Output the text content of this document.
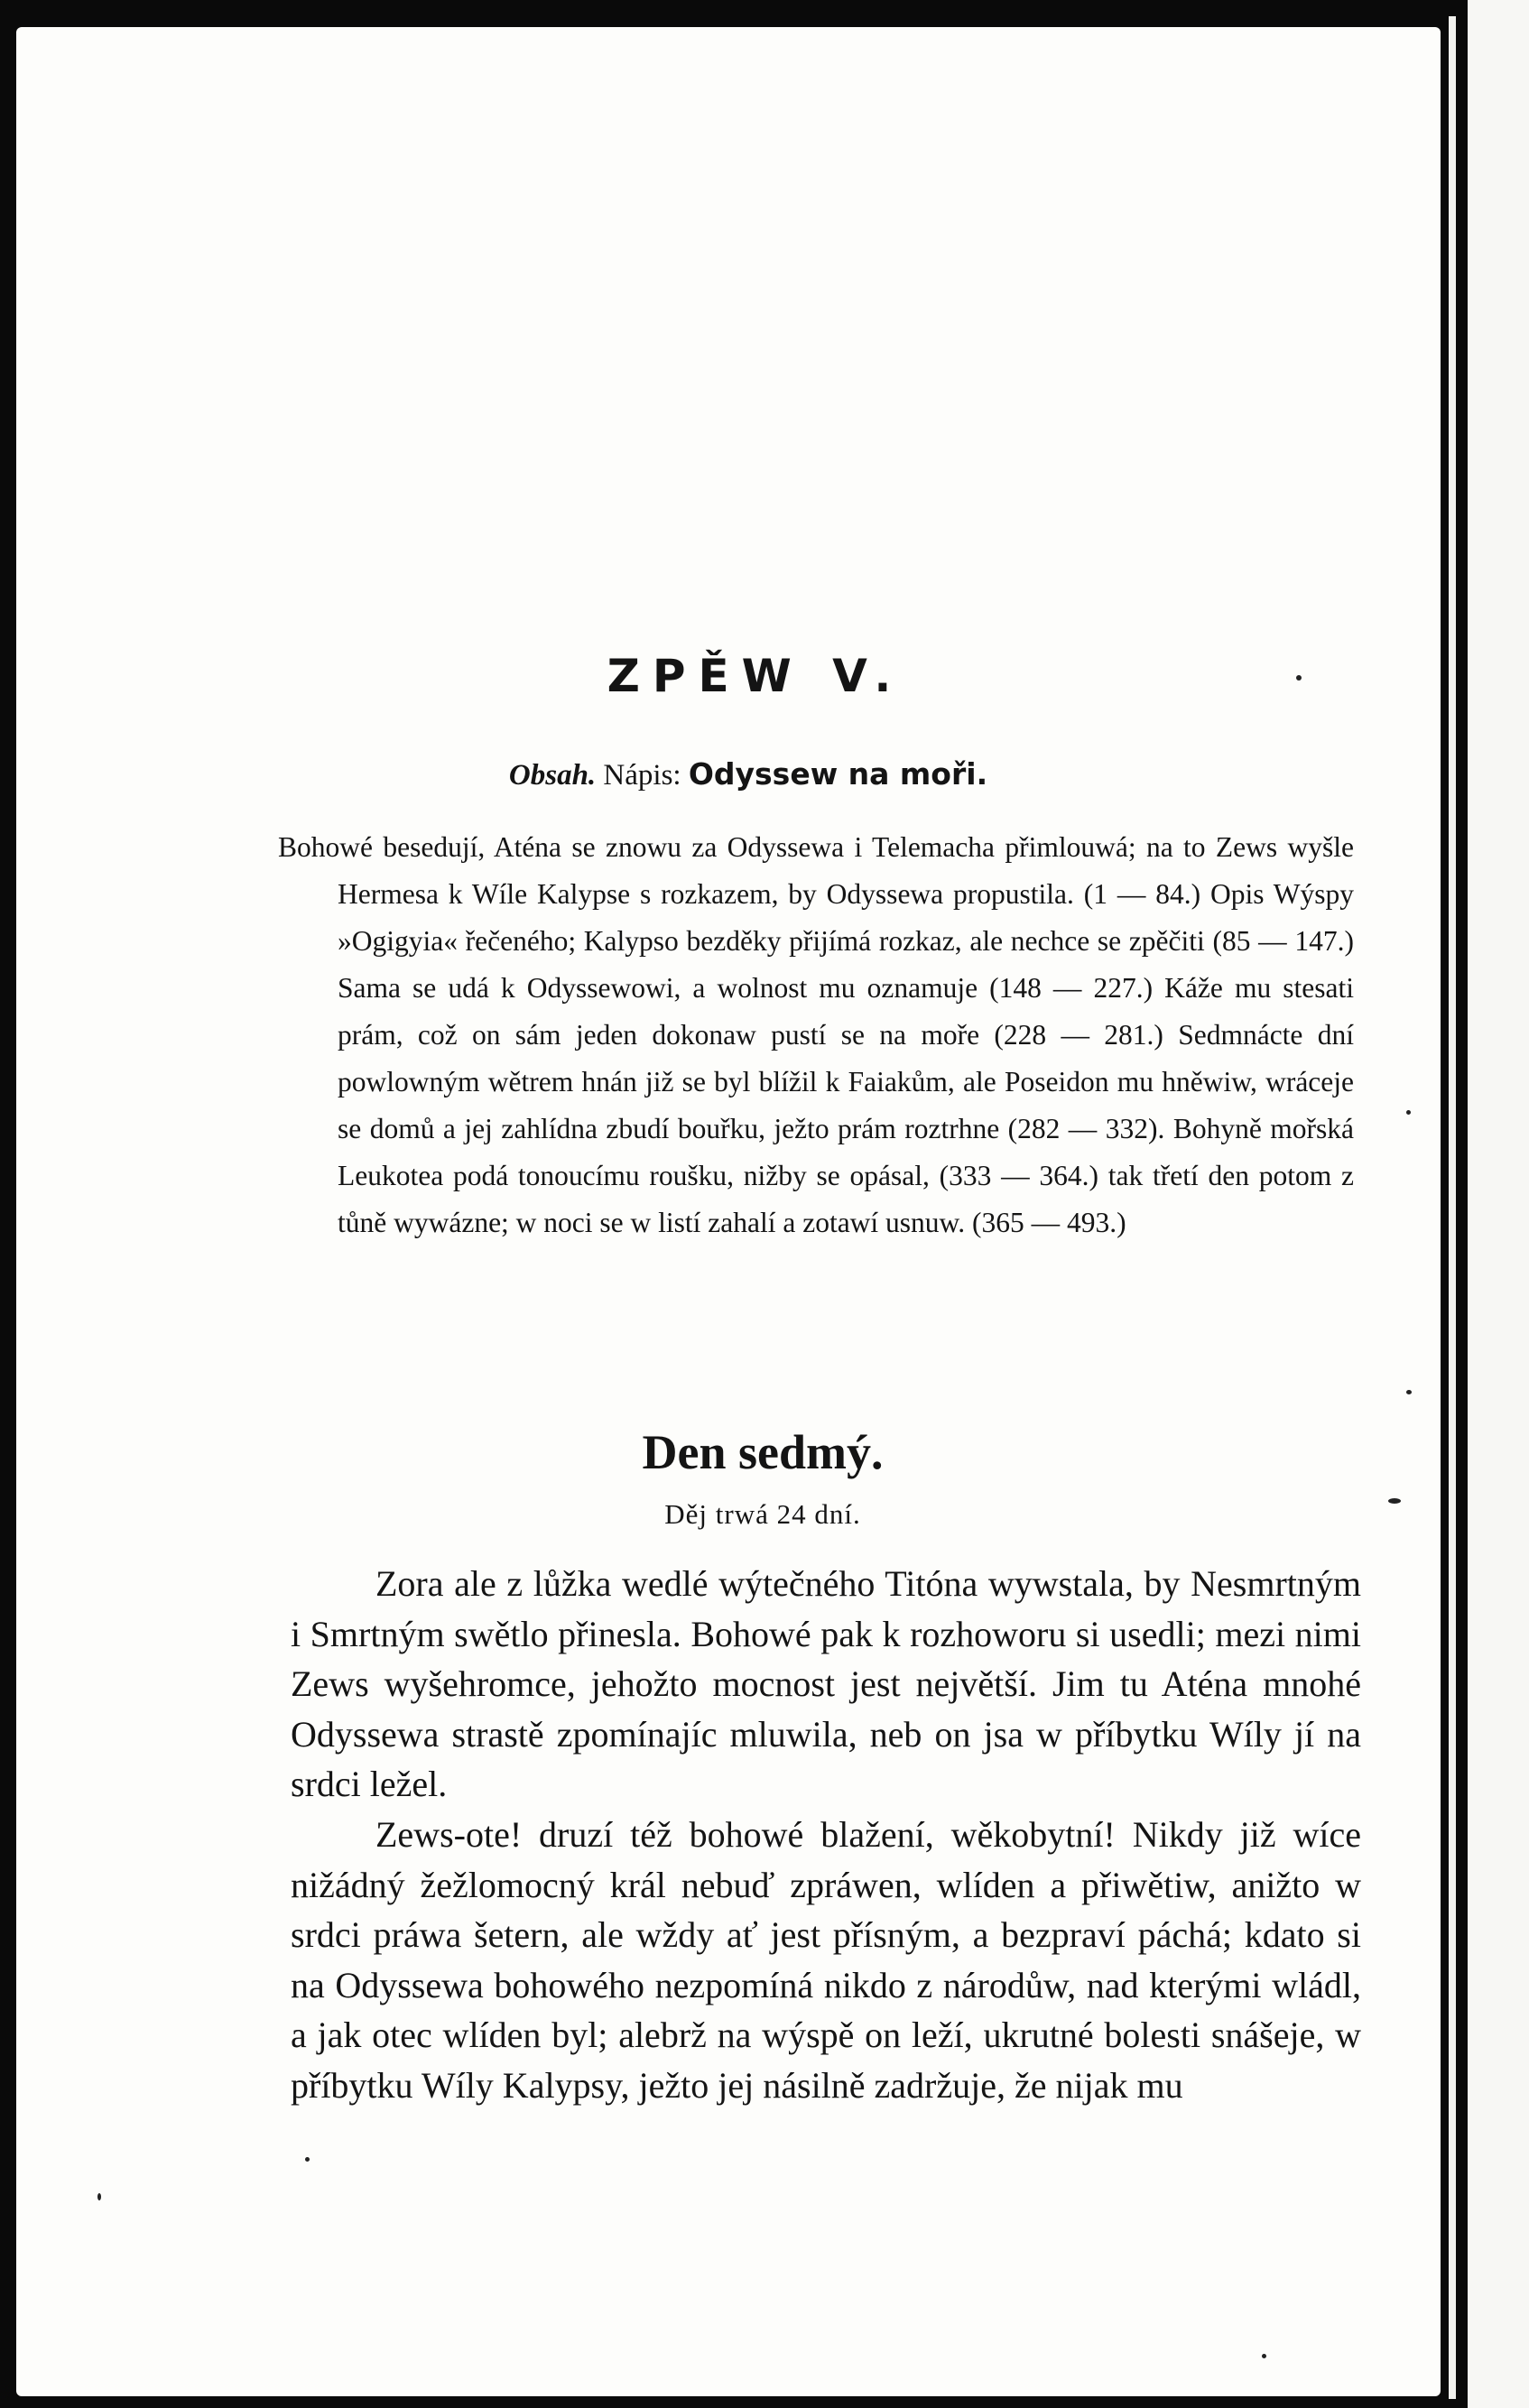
ZPĚW V.
Obsah. Nápis: Odyssew na moři.
Bohowé besedují, Aténa se znowu za Odyssewa i Telemacha přimlouwá; na to Zews wyšle Hermesa k Wíle Kalypse s rozkazem, by Odyssewa propustila. (1 — 84.) Opis Wýspy »Ogigyia« řečeného; Kalypso bezděky přijímá rozkaz, ale nechce se zpěčiti (85 — 147.) Sama se udá k Odyssewowi, a wolnost mu oznamuje (148 — 227.) Káže mu stesati prám, což on sám jeden dokonaw pustí se na moře (228 — 281.) Sedmnácte dní powlowným wětrem hnán již se byl blížil k Faiakům, ale Poseidon mu hněwiw, wráceje se domů a jej zahlídna zbudí bouřku, ježto prám roztrhne (282 — 332). Bohyně mořská Leukotea podá tonoucímu roušku, nižby se opásal, (333 — 364.) tak třetí den potom z tůně wywázne; w noci se w listí zahalí a zotawí usnuw. (365 — 493.)
Den sedmý.
Děj trwá 24 dní.

Zora ale z lůžka wedlé wýtečného Titóna wywstala, by Nesmrtným i Smrtným swětlo přinesla. Bohowé pak k rozhoworu si usedli; mezi nimi Zews wyšehromce, jehožto mocnost jest největší. Jim tu Aténa mnohé Odyssewa strastě zpomínajíc mluwila, neb on jsa w příbytku Wíly jí na srdci ležel.

Zews-ote! druzí též bohowé blažení, wěkobytní! Nikdy již wíce nižádný žežlomocný král nebuď zpráwen, wlíden a přiwětiw, anižto w srdci práwa šetern, ale wždy ať jest přísným, a bezpraví páchá; kdato si na Odyssewa bohowého nezpomíná nikdo z národůw, nad kterými wládl, a jak otec wlíden byl; alebrž na wýspě on leží, ukrutné bolesti snášeje, w příbytku Wíly Kalypsy, ježto jej násilně zadržuje, že nijak mu
